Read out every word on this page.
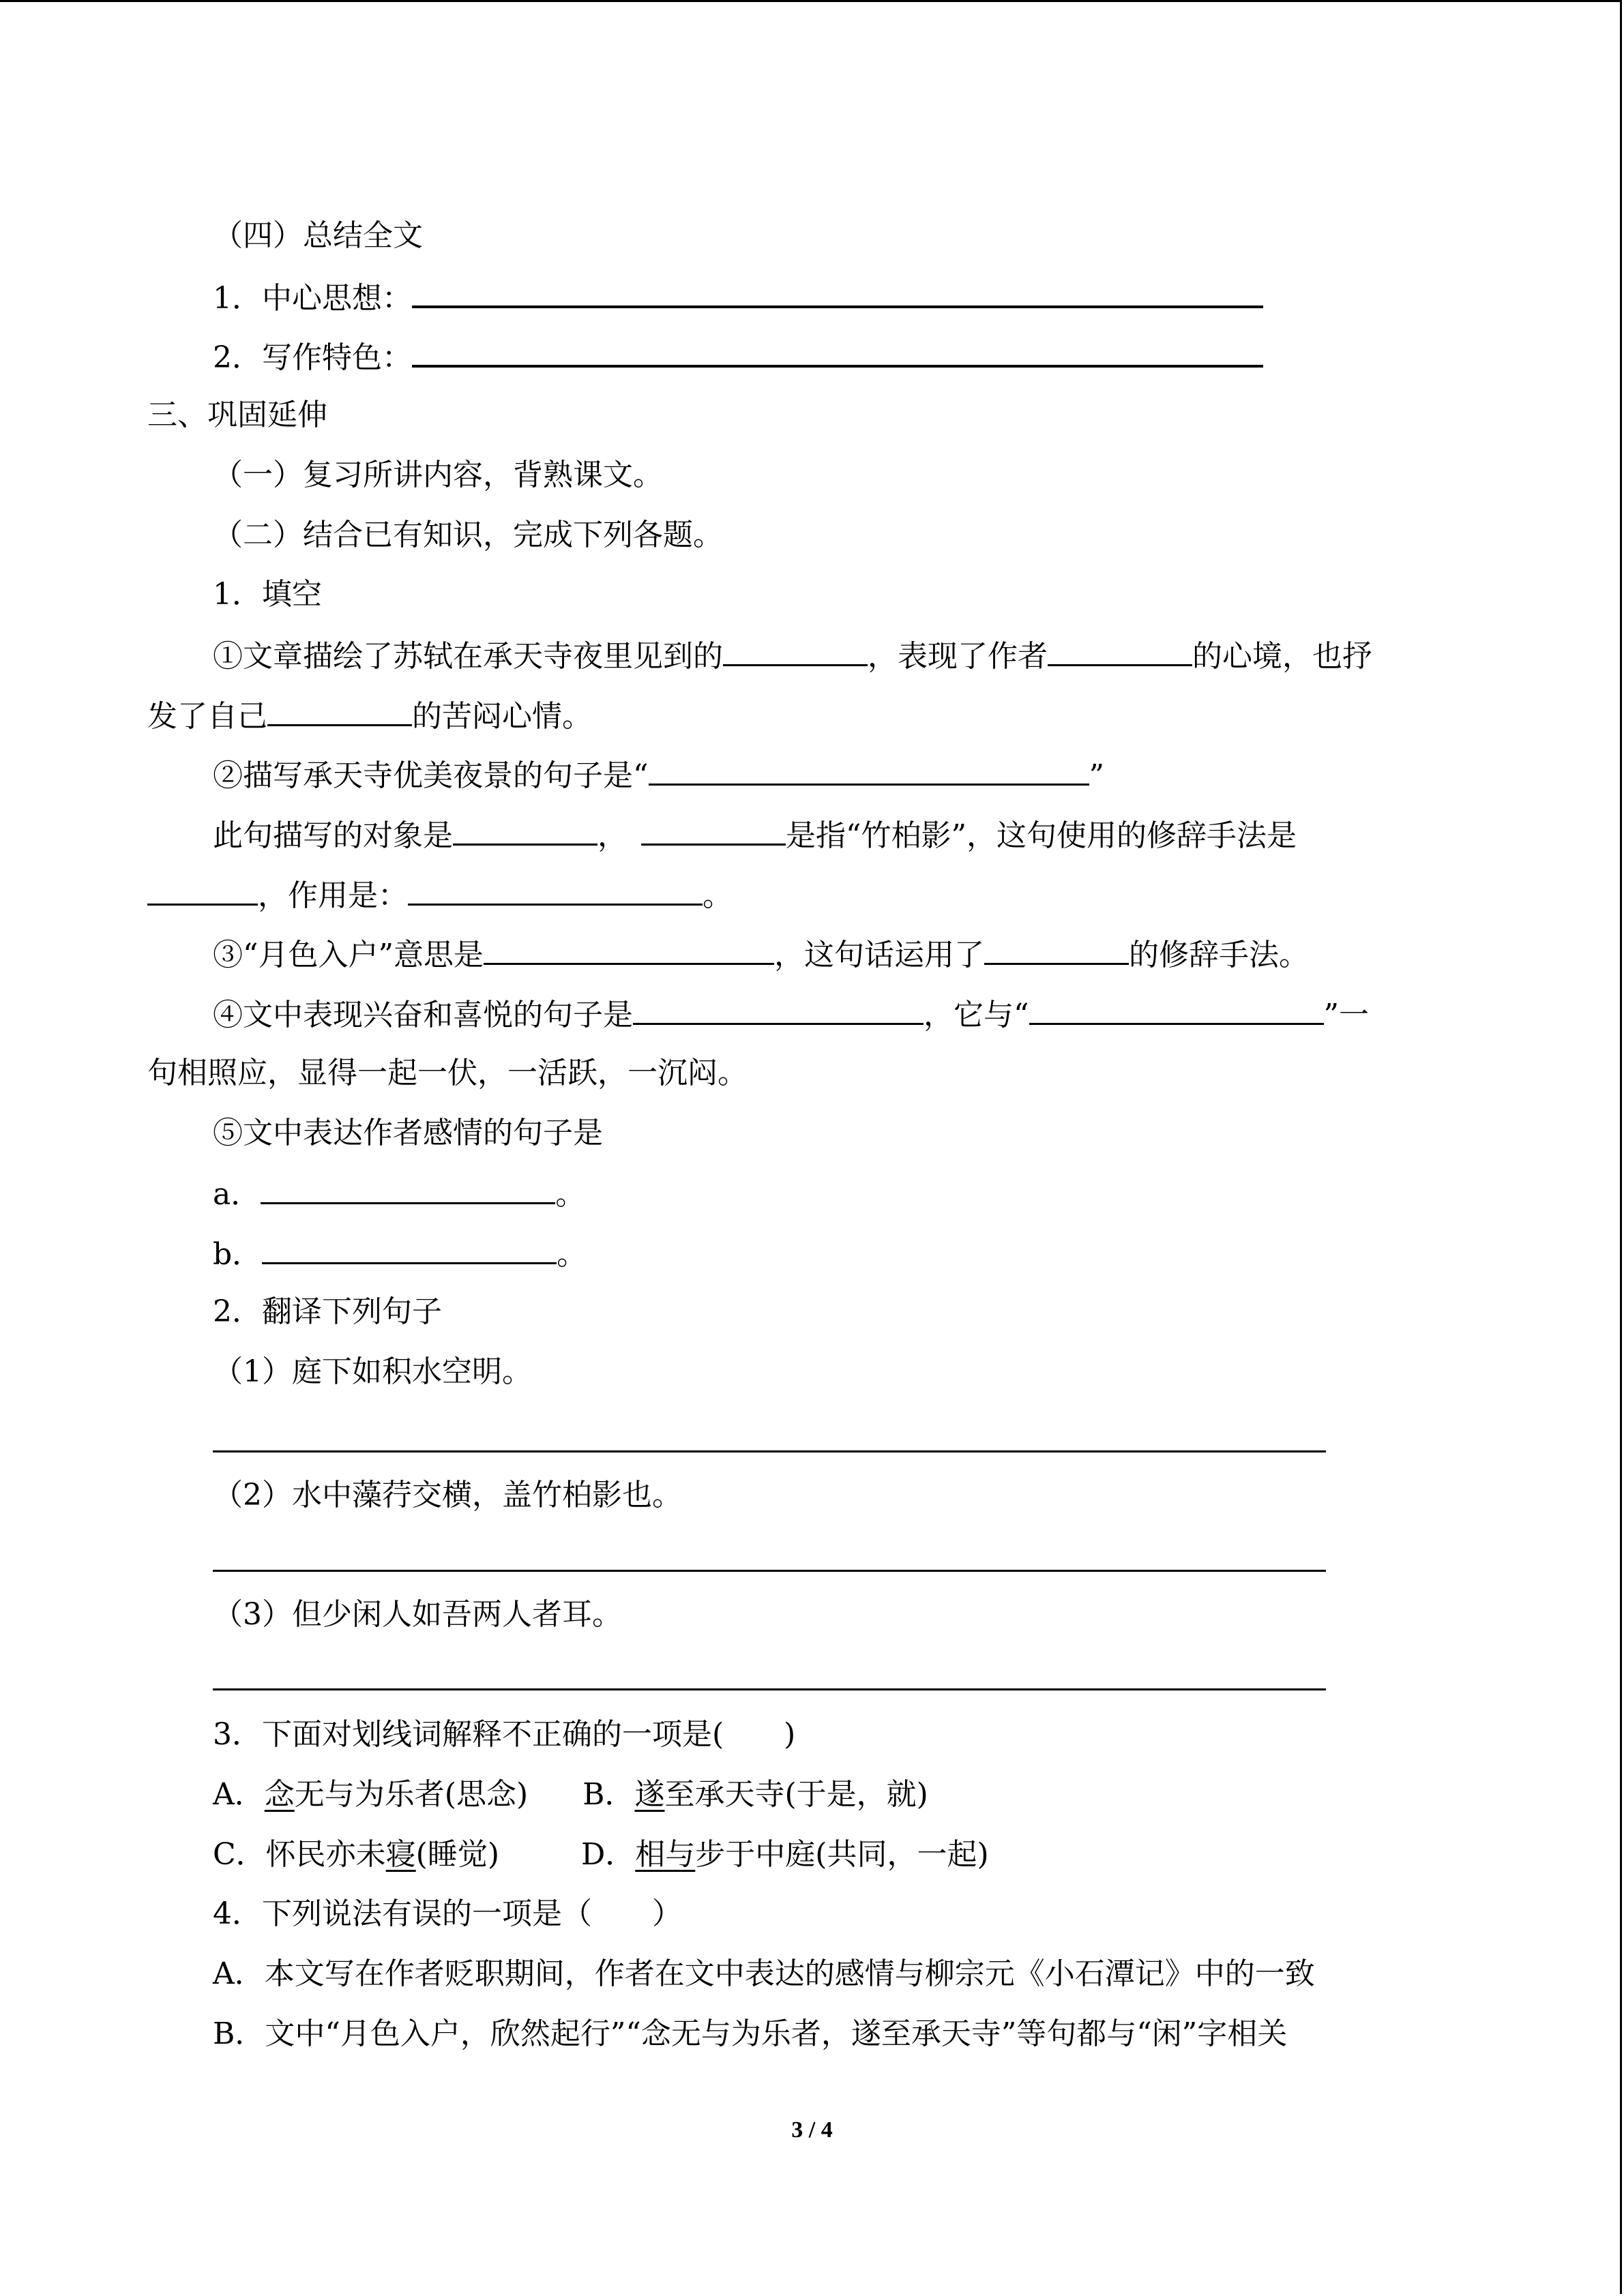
（四）总结全文
1．中心思想：
2．写作特色：
三、巩固延伸
（一）复习所讲内容，背熟课文。
（二）结合已有知识，完成下列各题。
1．填空
①文章描绘了苏轼在承天寺夜里见到的	，表现了作者	的心境，也抒
发了自己	的苦闷心情。
②描写承天寺优美夜景的句子是“	”
此句描写的对象是	，	是指“竹柏影”，这句使用的修辞手法是
，作用是：	。
③“月色入户”意思是	，这句话运用了	的修辞手法。
④文中表现兴奋和喜悦的句子是	，它与“	”一
句相照应，显得一起一伏，一活跃，一沉闷。
⑤文中表达作者感情的句子是
a．	。
b．	。
2．翻译下列句子
（1）庭下如积水空明。
（2）水中藻荇交横，盖竹柏影也。
（3）但少闲人如吾两人者耳。
3．下面对划线词解释不正确的一项是(　　)
A．念无与为乐者(思念) B．遂至承天寺(于是，就)
C．怀民亦未寝(睡觉)	D．相与步于中庭(共同，一起)
4．下列说法有误的一项是（　　）
A．本文写在作者贬职期间，作者在文中表达的感情与柳宗元《小石潭记》中的一致
B．文中“月色入户，欣然起行”“念无与为乐者，遂至承天寺”等句都与“闲”字相关
3 / 4
